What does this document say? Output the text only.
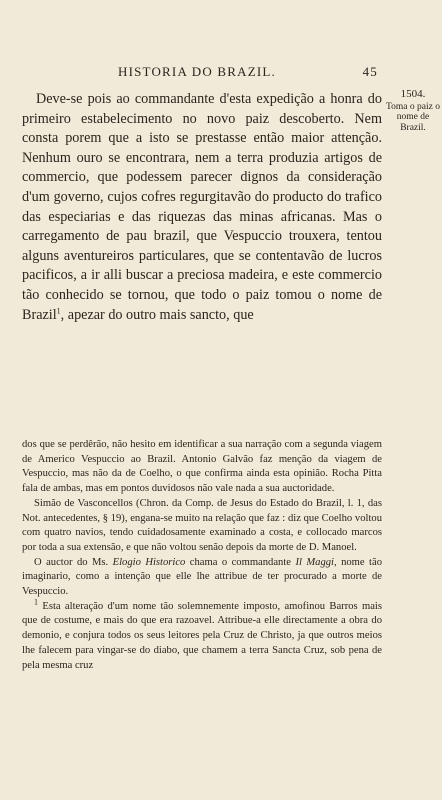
HISTORIA DO BRAZIL.	45
1504.
Toma o paiz o nome de Brazil.
Deve-se pois ao commandante d'esta expedição a honra do primeiro estabelecimento no novo paiz descoberto. Nem consta porem que a isto se prestasse então maior attenção. Nenhum ouro se encontrara, nem a terra produzia artigos de commercio, que podessem parecer dignos da consideração d'um governo, cujos cofres regurgitavão do producto do trafico das especiarias e das riquezas das minas africanas. Mas o carregamento de pau brazil, que Vespuccio trouxera, tentou alguns aventureiros particulares, que se contentavão de lucros pacificos, a ir alli buscar a preciosa madeira, e este commercio tão conhecido se tornou, que todo o paiz tomou o nome de Brazil$^1$, apezar do outro mais sancto, que

dos que se perdêrão, não hesito em identificar a sua narração com a segunda viagem de Americo Vespuccio ao Brazil. Antonio Galvão faz menção da viagem de Vespuccio, mas não da de Coelho, o que confirma ainda esta opinião. Rocha Pitta fala de ambas, mas em pontos duvidosos não vale nada a sua auctoridade.

Simão de Vasconcellos (Chron. da Comp. de Jesus do Estado do Brazil, l. 1, das Not. antecedentes, § 19), engana-se muito na relação que faz : diz que Coelho voltou com quatro navios, tendo cuidadosamente examinado a costa, e collocado marcos por toda a sua extensão, e que não voltou senão depois da morte de D. Manoel.

O auctor do Ms. Elogio Historico chama o commandante Il Maggi, nome tão imaginario, como a intenção que elle lhe attribue de ter procurado a morte de Vespuccio.

$^1$ Esta alteração d'um nome tão solemnemente imposto, amofinou Barros mais que de costume, e mais do que era razoavel. Attribue-a elle directamente a obra do demonio, e conjura todos os seus leitores pela Cruz de Christo, ja que outros meios lhe falecem para vingar-se do diabo, que chamem a terra Sancta Cruz, sob pena de pela mesma cruz
